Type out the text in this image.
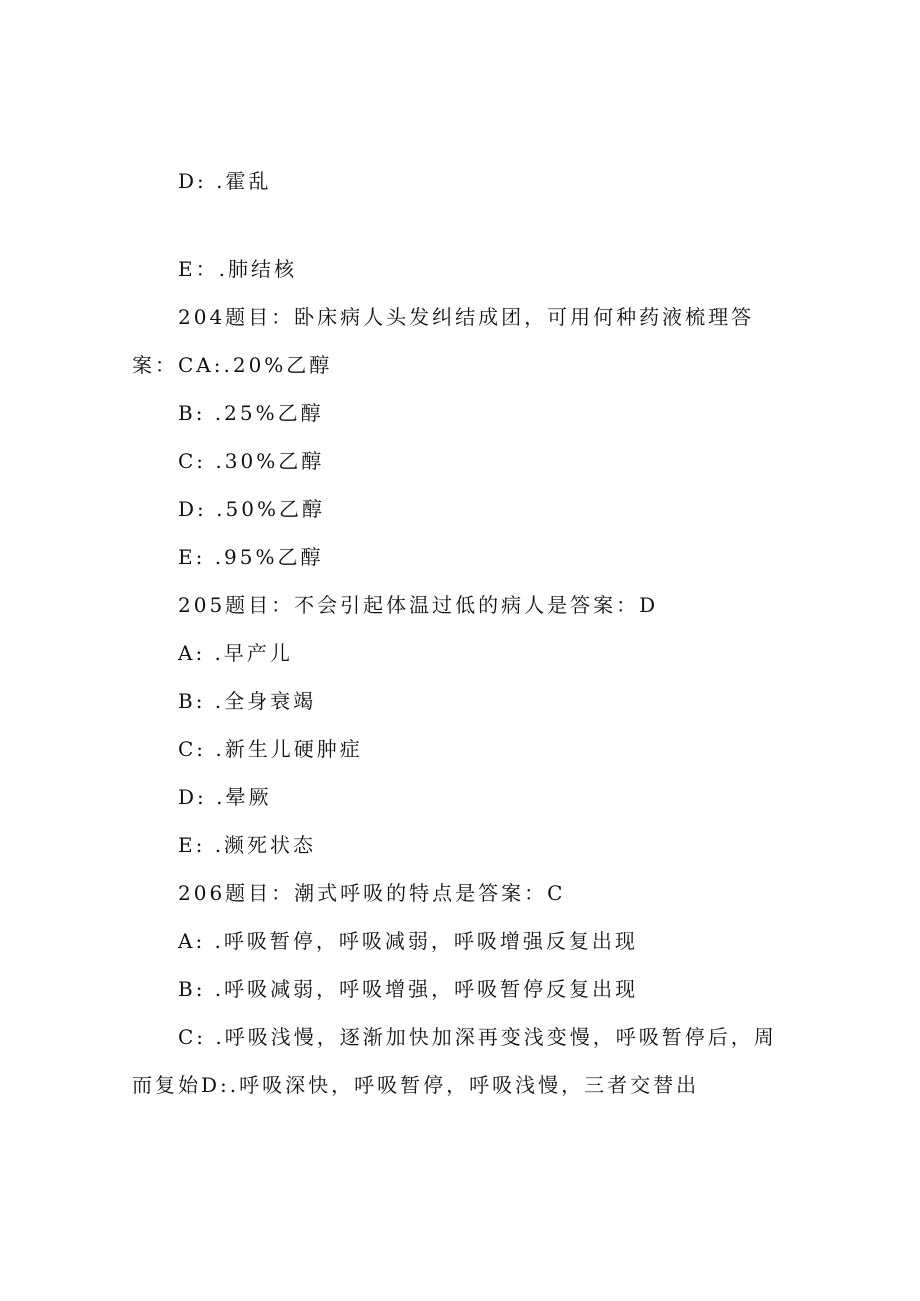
D: .霍乱
E：.肺结核
204题目：卧床病人头发纠结成团，可用何种药液梳理答
案：CA:.20%乙醇
B: .25%乙醇
C: .30%乙醇
D: .50%乙醇
E: .95%乙醇
205题目：不会引起体温过低的病人是答案：D
A: .早产儿
B: .全身衰竭
C: .新生儿硬肿症
D: .晕厥
E: .濒死状态
206题目：潮式呼吸的特点是答案：C
A: .呼吸暂停，呼吸减弱，呼吸增强反复出现
B: .呼吸减弱，呼吸增强，呼吸暂停反复出现
C: .呼吸浅慢，逐渐加快加深再变浅变慢，呼吸暂停后，周
而复始D:.呼吸深快，呼吸暂停，呼吸浅慢，三者交替出
